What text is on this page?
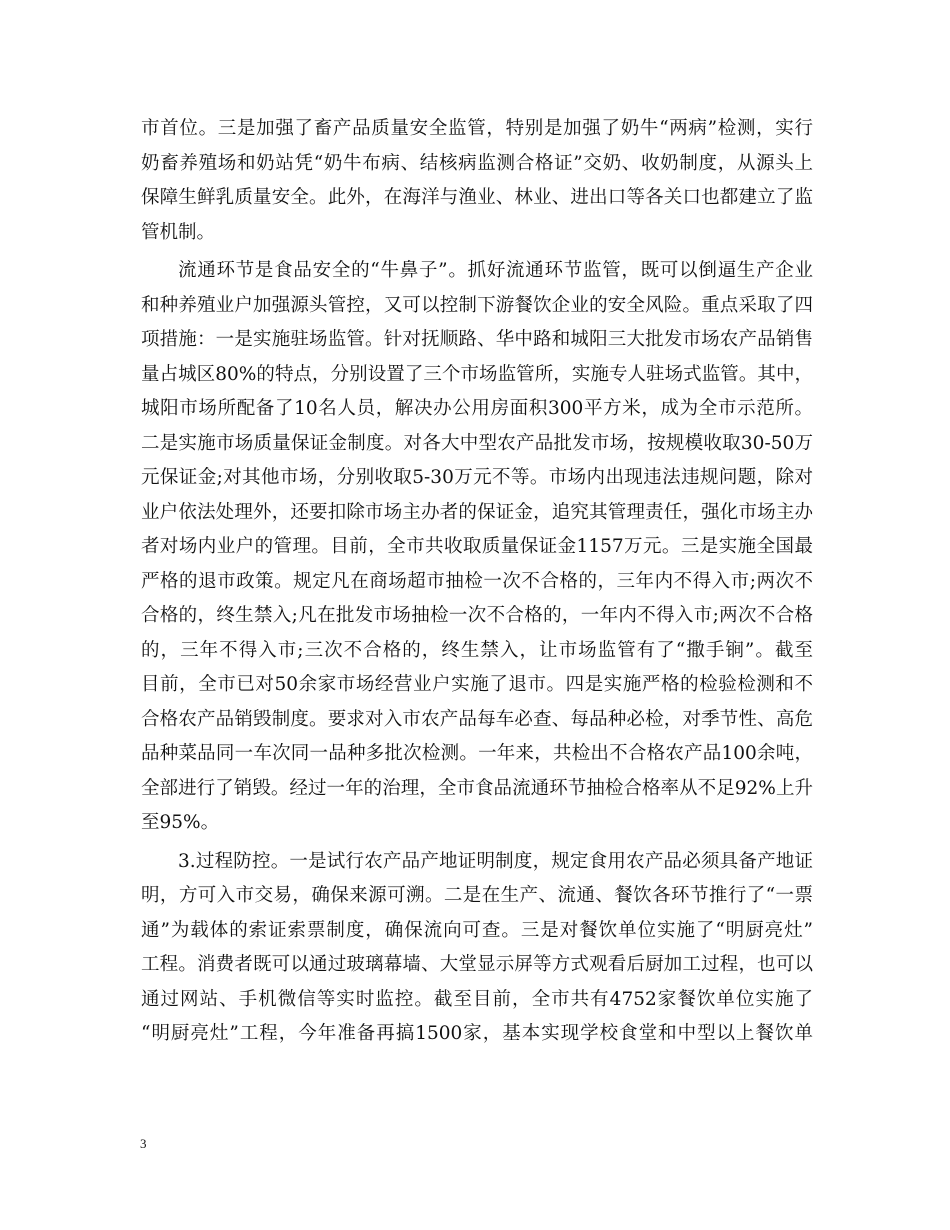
市首位。三是加强了畜产品质量安全监管，特别是加强了奶牛“两病”检测，实行
奶畜养殖场和奶站凭“奶牛布病、结核病监测合格证”交奶、收奶制度，从源头上
保障生鲜乳质量安全。此外，在海洋与渔业、林业、进出口等各关口也都建立了监
管机制。
流通环节是食品安全的“牛鼻子”。抓好流通环节监管，既可以倒逼生产企业
和种养殖业户加强源头管控，又可以控制下游餐饮企业的安全风险。重点采取了四
项措施：一是实施驻场监管。针对抚顺路、华中路和城阳三大批发市场农产品销售
量占城区80%的特点，分别设置了三个市场监管所，实施专人驻场式监管。其中，
城阳市场所配备了10名人员，解决办公用房面积300平方米，成为全市示范所。
二是实施市场质量保证金制度。对各大中型农产品批发市场，按规模收取30-50万
元保证金;对其他市场，分别收取5-30万元不等。市场内出现违法违规问题，除对
业户依法处理外，还要扣除市场主办者的保证金，追究其管理责任，强化市场主办
者对场内业户的管理。目前，全市共收取质量保证金1157万元。三是实施全国最
严格的退市政策。规定凡在商场超市抽检一次不合格的，三年内不得入市;两次不
合格的，终生禁入;凡在批发市场抽检一次不合格的，一年内不得入市;两次不合格
的，三年不得入市;三次不合格的，终生禁入，让市场监管有了“撒手锏”。截至
目前，全市已对50余家市场经营业户实施了退市。四是实施严格的检验检测和不
合格农产品销毁制度。要求对入市农产品每车必查、每品种必检，对季节性、高危
品种菜品同一车次同一品种多批次检测。一年来，共检出不合格农产品100余吨，
全部进行了销毁。经过一年的治理，全市食品流通环节抽检合格率从不足92%上升
至95%。
3.过程防控。一是试行农产品产地证明制度，规定食用农产品必须具备产地证
明，方可入市交易，确保来源可溯。二是在生产、流通、餐饮各环节推行了“一票
通”为载体的索证索票制度，确保流向可查。三是对餐饮单位实施了“明厨亮灶”
工程。消费者既可以通过玻璃幕墙、大堂显示屏等方式观看后厨加工过程，也可以
通过网站、手机微信等实时监控。截至目前，全市共有4752家餐饮单位实施了
“明厨亮灶”工程，今年准备再搞1500家，基本实现学校食堂和中型以上餐饮单
3
